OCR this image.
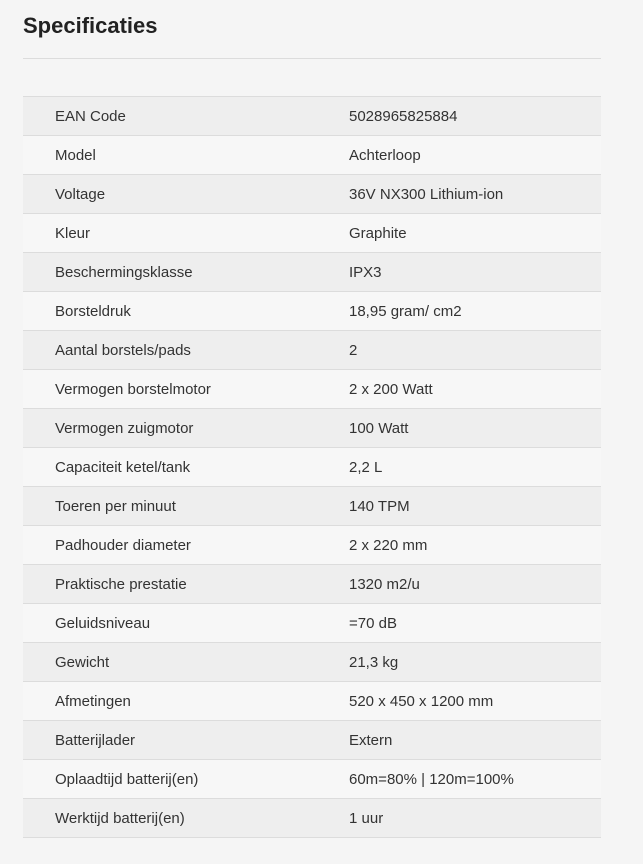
Specificaties
EAN Code	5028965825884
Model	Achterloop
Voltage	36V NX300 Lithium-ion
Kleur	Graphite
Beschermingsklasse	IPX3
Borsteldruk	18,95 gram/ cm2
Aantal borstels/pads	2
Vermogen borstelmotor	2 x 200 Watt
Vermogen zuigmotor	100 Watt
Capaciteit ketel/tank	2,2 L
Toeren per minuut	140 TPM
Padhouder diameter	2 x 220 mm
Praktische prestatie	1320 m2/u
Geluidsniveau	=70 dB
Gewicht	21,3 kg
Afmetingen	520 x 450 x 1200 mm
Batterijlader	Extern
Oplaadtijd batterij(en)	60m=80% | 120m=100%
Werktijd batterij(en)	1 uur
